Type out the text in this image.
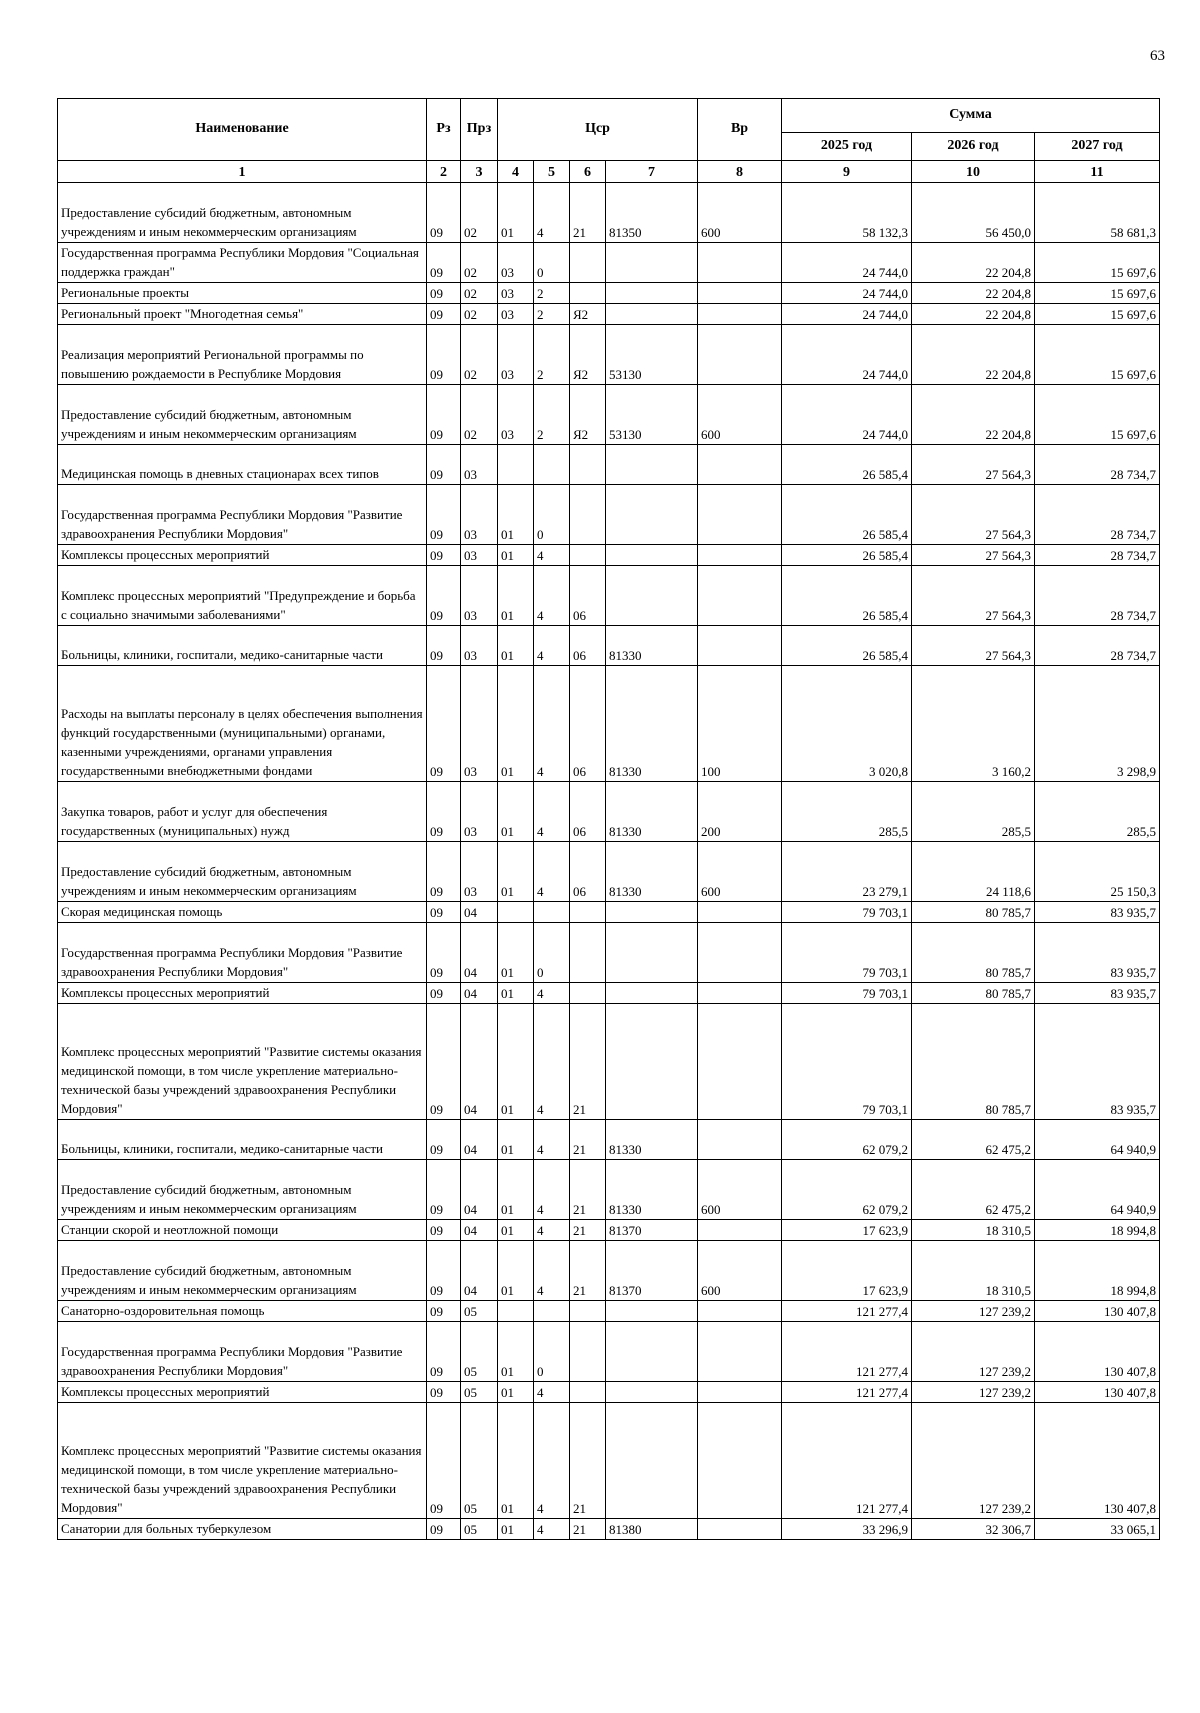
63
Наименование	Рз	Прз	Цср				Вр	Сумма		
								2025 год	2026 год	2027 год
1	2	3	4	5	6	7	8	9	10	11
Предоставление субсидий бюджетным, автономным учреждениям и иным некоммерческим организациям	09	02	01	4	21	81350	600	58 132,3	56 450,0	58 681,3
Государственная программа Республики Мордовия "Социальная поддержка граждан"	09	02	03	0				24 744,0	22 204,8	15 697,6
Региональные проекты	09	02	03	2				24 744,0	22 204,8	15 697,6
Региональный проект "Многодетная семья"	09	02	03	2	Я2			24 744,0	22 204,8	15 697,6
Реализация мероприятий Региональной программы по повышению рождаемости в Республике Мордовия	09	02	03	2	Я2	53130		24 744,0	22 204,8	15 697,6
Предоставление субсидий бюджетным, автономным учреждениям и иным некоммерческим организациям	09	02	03	2	Я2	53130	600	24 744,0	22 204,8	15 697,6
Медицинская помощь в дневных стационарах всех типов	09	03						26 585,4	27 564,3	28 734,7
Государственная программа Республики Мордовия "Развитие здравоохранения Республики Мордовия"	09	03	01	0				26 585,4	27 564,3	28 734,7
Комплексы процессных мероприятий	09	03	01	4				26 585,4	27 564,3	28 734,7
Комплекс процессных мероприятий "Предупреждение и борьба с социально значимыми заболеваниями"	09	03	01	4	06			26 585,4	27 564,3	28 734,7
Больницы, клиники, госпитали, медико-санитарные части	09	03	01	4	06	81330		26 585,4	27 564,3	28 734,7
Расходы на выплаты персоналу в целях обеспечения выполнения функций государственными (муниципальными) органами, казенными учреждениями, органами управления государственными внебюджетными фондами	09	03	01	4	06	81330	100	3 020,8	3 160,2	3 298,9
Закупка товаров, работ и услуг для обеспечения государственных (муниципальных) нужд	09	03	01	4	06	81330	200	285,5	285,5	285,5
Предоставление субсидий бюджетным, автономным учреждениям и иным некоммерческим организациям	09	03	01	4	06	81330	600	23 279,1	24 118,6	25 150,3
Скорая медицинская помощь	09	04						79 703,1	80 785,7	83 935,7
Государственная программа Республики Мордовия "Развитие здравоохранения Республики Мордовия"	09	04	01	0				79 703,1	80 785,7	83 935,7
Комплексы процессных мероприятий	09	04	01	4				79 703,1	80 785,7	83 935,7
Комплекс процессных мероприятий "Развитие системы оказания медицинской помощи, в том числе укрепление материально-технической базы учреждений здравоохранения Республики Мордовия"	09	04	01	4	21			79 703,1	80 785,7	83 935,7
Больницы, клиники, госпитали, медико-санитарные части	09	04	01	4	21	81330		62 079,2	62 475,2	64 940,9
Предоставление субсидий бюджетным, автономным учреждениям и иным некоммерческим организациям	09	04	01	4	21	81330	600	62 079,2	62 475,2	64 940,9
Станции скорой и неотложной помощи	09	04	01	4	21	81370		17 623,9	18 310,5	18 994,8
Предоставление субсидий бюджетным, автономным учреждениям и иным некоммерческим организациям	09	04	01	4	21	81370	600	17 623,9	18 310,5	18 994,8
Санаторно-оздоровительная помощь	09	05						121 277,4	127 239,2	130 407,8
Государственная программа Республики Мордовия "Развитие здравоохранения Республики Мордовия"	09	05	01	0				121 277,4	127 239,2	130 407,8
Комплексы процессных мероприятий	09	05	01	4				121 277,4	127 239,2	130 407,8
Комплекс процессных мероприятий "Развитие системы оказания медицинской помощи, в том числе укрепление материально-технической базы учреждений здравоохранения Республики Мордовия"	09	05	01	4	21			121 277,4	127 239,2	130 407,8
Санатории для больных туберкулезом	09	05	01	4	21	81380		33 296,9	32 306,7	33 065,1
